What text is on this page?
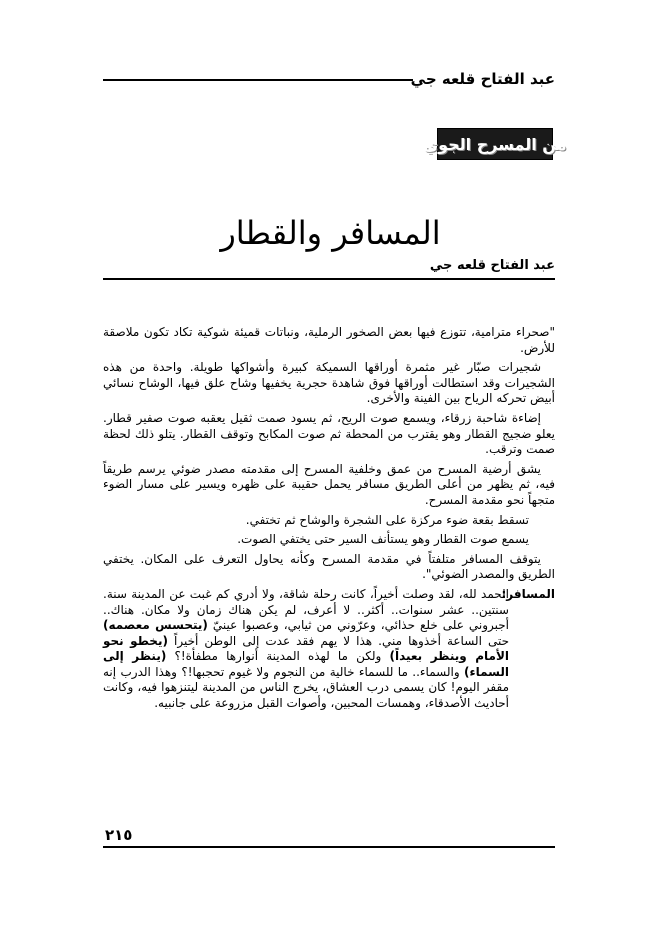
عبد الفتاح قلعه جي
من المسرح الجوي
المسافر والقطار
عبد الفتاح قلعه جي

"صحراء مترامية، تتوزع فيها بعض الصخور الرملية، ونباتات قميئة شوكية تكاد تكون ملاصقة للأرض.

شجيرات صبّار غير مثمرة أوراقها السميكة كبيرة وأشواكها طويلة. واحدة من هذه الشجيرات وقد استطالت أوراقها فوق شاهدة حجرية يخفيها وشاح علق فيها، الوشاح نسائي أبيض تحركه الرياح بين الفينة والأخرى.

إضاءة شاحبة زرقاء، ويسمع صوت الريح، ثم يسود صمت ثقيل يعقبه صوت صفير قطار. يعلو ضجيج القطار وهو يقترب من المحطة ثم صوت المكابح وتوقف القطار. يتلو ذلك لحظة صمت وترقب.

يشق أرضية المسرح من عمق وخلفية المسرح إلى مقدمته مصدر ضوئي يرسم طريقاً فيه، ثم يظهر من أعلى الطريق مسافر يحمل حقيبة على ظهره ويسير على مسار الضوء متجهاً نحو مقدمة المسرح.

تسقط بقعة ضوء مركزة على الشجرة والوشاح ثم تختفي.

يسمع صوت القطار وهو يستأنف السير حتى يختفي الصوت.

يتوقف المسافر متلفتاً في مقدمة المسرح وكأنه يحاول التعرف على المكان. يختفي الطريق والمصدر الضوئي".

المسافر:
الحمد لله، لقد وصلت أخيراً، كانت رحلة شاقة، ولا أدري كم غبت عن المدينة سنة. سنتين.. عشر سنوات.. أكثر.. لا أعرف، لم يكن هناك زمان ولا مكان. هناك.. أجبروني على خلع حذائي، وعرّوني من ثيابي، وعصبوا عينيّ (يتحسس معصمه) حتى الساعة أخذوها مني. هذا لا يهم فقد عدت إلى الوطن أخيراً (يخطو نحو الأمام وينظر بعيداً) ولكن ما لهذه المدينة أنوارها مطفأة!؟ (ينظر إلى السماء) والسماء.. ما للسماء خالية من النجوم ولا غيوم تحجبها!؟ وهذا الدرب إنه مقفر اليوم! كان يسمى درب العشاق، يخرج الناس من المدينة ليتنزهوا فيه، وكانت أحاديث الأصدقاء، وهمسات المحبين، وأصوات القبل مزروعة على جانبيه.
٢١٥
